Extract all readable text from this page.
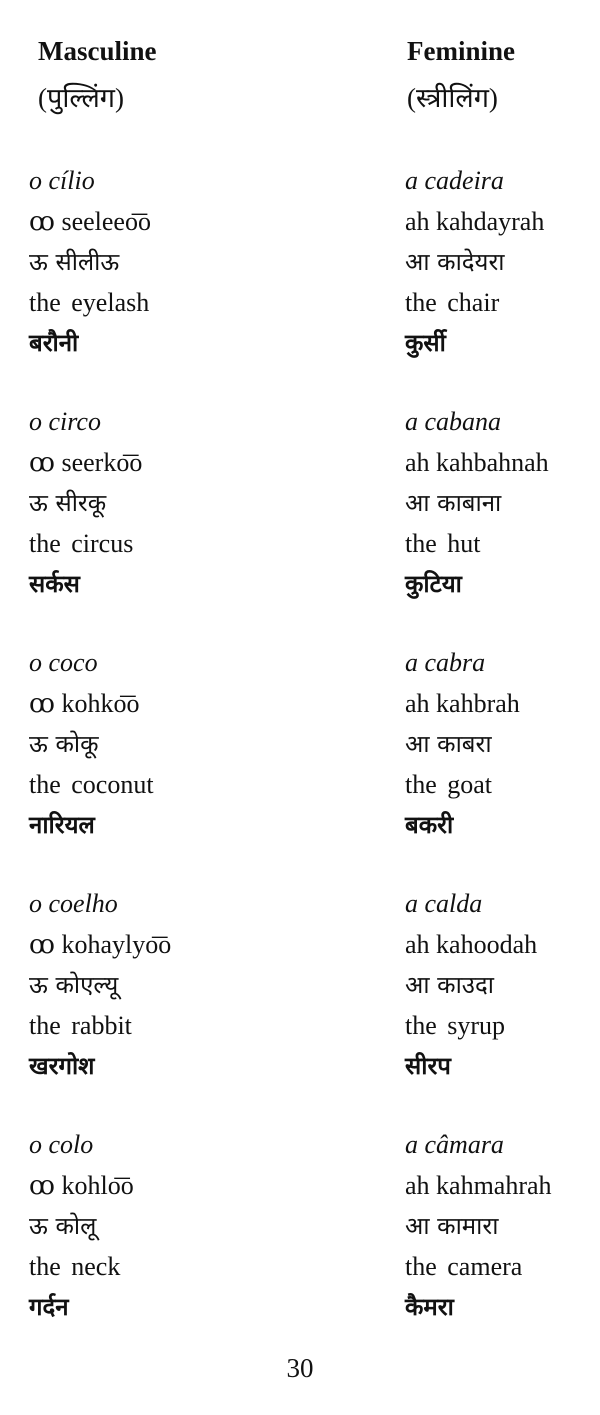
Masculine
(पुल्लिंग)
o cílio
ꝏ seeleeo͞o
ऊ सीलीऊ
the eyelash
बरौनी
o circo
ꝏ seerko͞o
ऊ सीरकू
the circus
सर्कस
o coco
ꝏ kohko͞o
ऊ कोकू
the coconut
नारियल
o coelho
ꝏ kohaylyo͞o
ऊ कोएल्यू
the rabbit
खरगोश
o colo
ꝏ kohlo͞o
ऊ कोलू
the neck
गर्दन
Feminine
(स्त्रीलिंग)
a cadeira
ah kahdayrah
आ कादेयरा
the chair
कुर्सी
a cabana
ah kahbahnah
आ काबाना
the hut
कुटिया
a cabra
ah kahbrah
आ काबरा
the goat
बकरी
a calda
ah kahoodah
आ काउदा
the syrup
सीरप
a câmara
ah kahmahrah
आ कामारा
the camera
कैमरा
30
